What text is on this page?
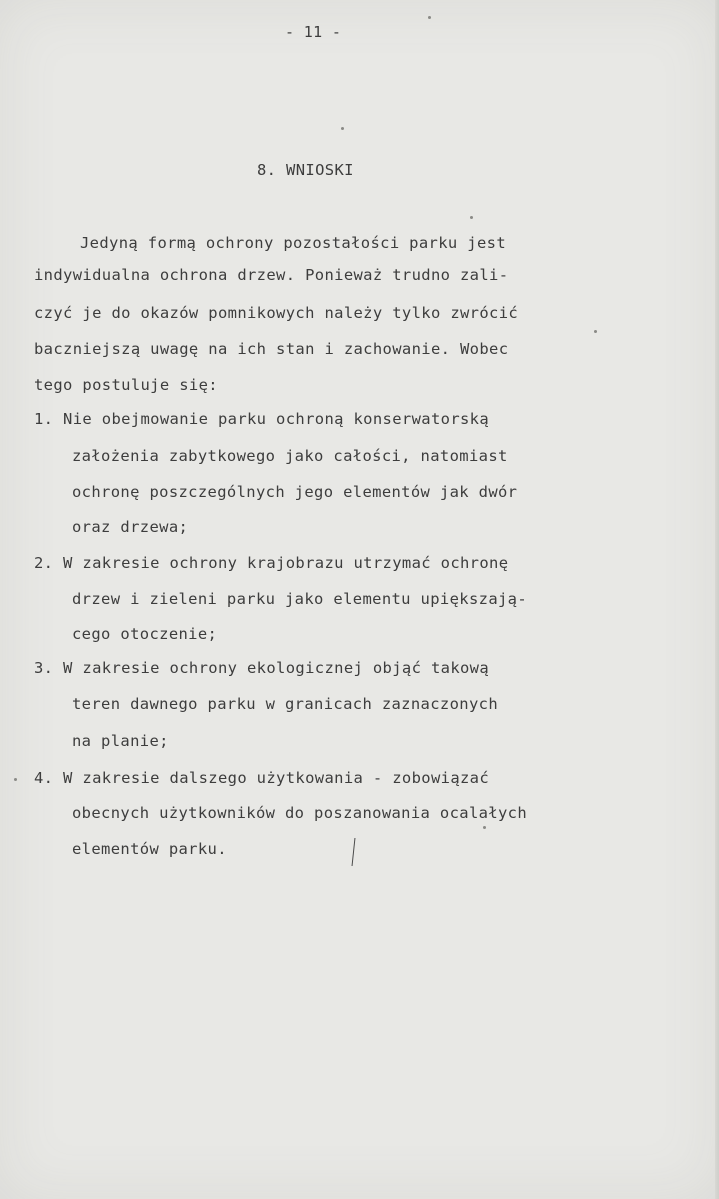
- 11 -
8. WNIOSKI
Jedyną formą ochrony pozostałości parku jest
indywidualna ochrona drzew. Ponieważ trudno zali-
czyć je do okazów pomnikowych należy tylko zwrócić
baczniejszą uwagę na ich stan i zachowanie. Wobec
tego postuluje się:
1. Nie obejmowanie parku ochroną konserwatorską
założenia zabytkowego jako całości, natomiast
ochronę poszczególnych jego elementów jak dwór
oraz drzewa;
2. W zakresie ochrony krajobrazu utrzymać ochronę
drzew i zieleni parku jako elementu upiększają-
cego otoczenie;
3. W zakresie ochrony ekologicznej objąć takową
teren dawnego parku w granicach zaznaczonych
na planie;
4. W zakresie dalszego użytkowania - zobowiązać
obecnych użytkowników do poszanowania ocalałych
elementów parku.
